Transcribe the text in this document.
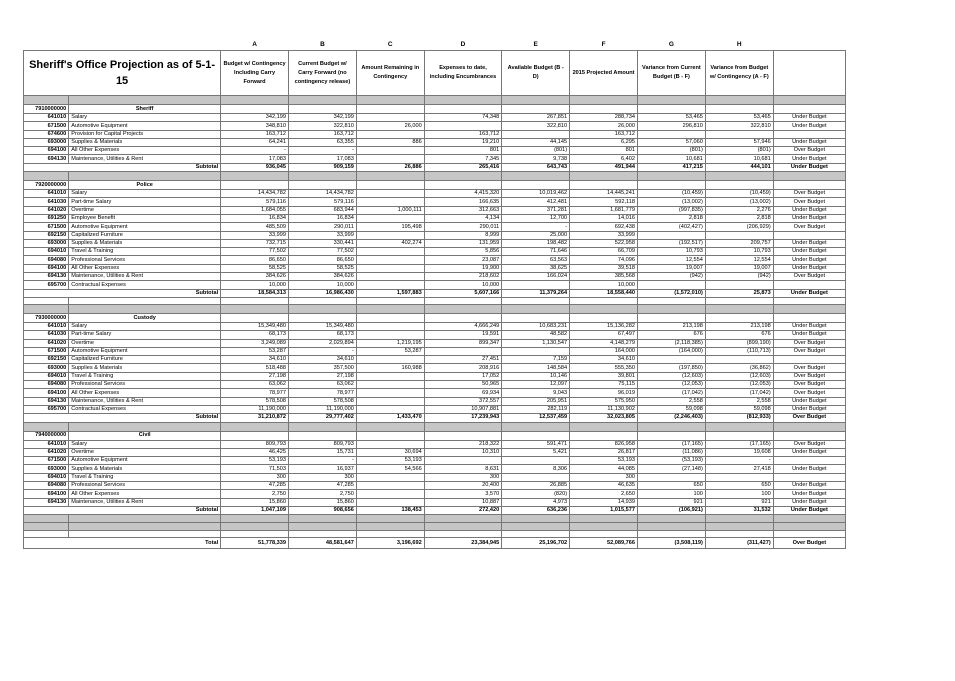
		A	B	C	D	E	F	G	H	
Sheriff's Office Projection as of 5-1-15		Budget w/ Contingency Including Carry Forward	Current Budget w/ Carry Forward (no contingency release)	Amount Remaining in Contingency	Expenses to date, including Encumbrances	Available Budget (B - D)	2015 Projected Amount	Variance from Current Budget (B - F)	Variance from Budget w/ Contingency (A - F)	

7910000000	Sheriff									
641010	Salary	342,199	342,199		74,348	267,851	288,734	53,465	53,465	Under Budget
671500	Automotive Equipment	348,810	322,810	26,000		322,810	26,000	296,810	322,810	Under Budget
674600	Provision for Capital Projects	163,712	163,712		163,712		163,712			
693000	Supplies & Materials	64,241	63,355	886	19,210	44,145	6,295	57,060	57,946	Under Budget
694100	All Other Expenses	-	-		801	(801)	801	(801)	(801)	Over Budget
694130	Maintenance, Utilities & Rent	17,083	17,083		7,345	9,738	6,402	10,681	10,681	Under Budget
Subtotal		936,045	909,159	26,886	265,416	643,743	491,944	417,215	444,101	Under Budget

7920000000	Police									
641010	Salary	14,434,782	14,434,782		4,415,320	10,019,462	14,445,241	(10,459)	(10,459)	Over Budget
641030	Part-time Salary	579,116	579,116		166,635	412,481	592,118	(13,002)	(13,002)	Over Budget
641020	Overtime	1,684,055	683,944	1,000,111	312,663	371,281	1,681,779	(997,835)	2,276	Under Budget
691250	Employee Benefit	16,834	16,834		4,134	12,700	14,016	2,818	2,818	Under Budget
671500	Automotive Equipment	485,509	290,011	195,498	290,011	-	692,438	(402,427)	(206,929)	Over Budget
692150	Capitalized Furniture	33,999	33,999		8,999	25,000	33,999			
693000	Supplies & Materials	732,715	330,441	402,274	131,959	198,482	522,958	(192,517)	209,757	Under Budget
694010	Travel & Training	77,502	77,502		5,856	71,646	66,709	10,793	10,793	Under Budget
694080	Professional Services	86,650	86,650		23,087	63,563	74,096	12,554	12,554	Under Budget
694100	All Other Expenses	58,525	58,525		19,900	38,625	39,518	19,007	19,007	Under Budget
694130	Maintenance, Utilities & Rent	384,626	384,626		218,602	166,024	385,568	(942)	(942)	Over Budget
695700	Contractual Expenses	10,000	10,000		10,000		10,000			
Subtotal		18,584,313	16,986,430	1,597,883	5,607,166	11,379,264	18,558,440	(1,572,010)	25,873	Under Budget

7930000000	Custody									
641010	Salary	15,349,480	15,349,480		4,666,249	10,683,231	15,136,282	213,198	213,198	Under Budget
641030	Part-time Salary	68,173	68,173		19,591	48,582	67,497	676	676	Under Budget
641020	Overtime	3,249,089	2,029,894	1,219,195	899,347	1,130,547	4,148,279	(2,118,385)	(899,190)	Over Budget
671500	Automotive Equipment	53,287	-	53,287			164,000	(164,000)	(110,713)	Over Budget
692150	Capitalized Furniture	34,610	34,610		27,451	7,159	34,610			
693000	Supplies & Materials	518,488	357,500	160,988	208,916	148,584	555,350	(197,850)	(36,862)	Over Budget
694010	Travel & Training	27,198	27,198		17,052	10,146	39,801	(12,603)	(12,603)	Over Budget
694080	Professional Services	63,062	63,062		50,965	12,097	75,115	(12,053)	(12,053)	Over Budget
694100	All Other Expenses	78,977	78,977		69,934	9,043	96,019	(17,042)	(17,042)	Over Budget
694130	Maintenance, Utilities & Rent	578,508	578,508		372,557	205,951	575,950	2,558	2,558	Under Budget
695700	Contractual Expenses	11,190,000	11,190,000		10,907,881	282,119	11,130,902	59,098	59,098	Under Budget
Subtotal		31,210,872	29,777,402	1,433,470	17,239,943	12,537,459	32,023,805	(2,246,403)	(812,933)	Over Budget

7940000000	Civil									
641010	Salary	809,793	809,793		218,322	591,471	826,958	(17,165)	(17,165)	Over Budget
641020	Overtime	46,425	15,731	30,694	10,310	5,421	26,817	(11,086)	19,608	Under Budget
671500	Automotive Equipment	53,193	-	53,193			53,193	(53,193)	-	
693000	Supplies & Materials	71,503	16,937	54,566	8,631	8,306	44,085	(27,148)	27,418	Under Budget
694010	Travel & Training	300	300		300		300			
694080	Professional Services	47,285	47,285		20,400	26,885	46,635	650	650	Under Budget
694100	All Other Expenses	2,750	2,750		3,570	(820)	2,650	100	100	Under Budget
694130	Maintenance, Utilities & Rent	15,860	15,860		10,887	4,973	14,939	921	921	Under Budget
Subtotal		1,047,109	908,656	138,453	272,420	636,236	1,015,577	(106,921)	31,532	Under Budget

Total		51,778,339	48,581,647	3,196,692	23,384,945	25,196,702	52,089,766	(3,508,119)	(311,427)	Over Budget
